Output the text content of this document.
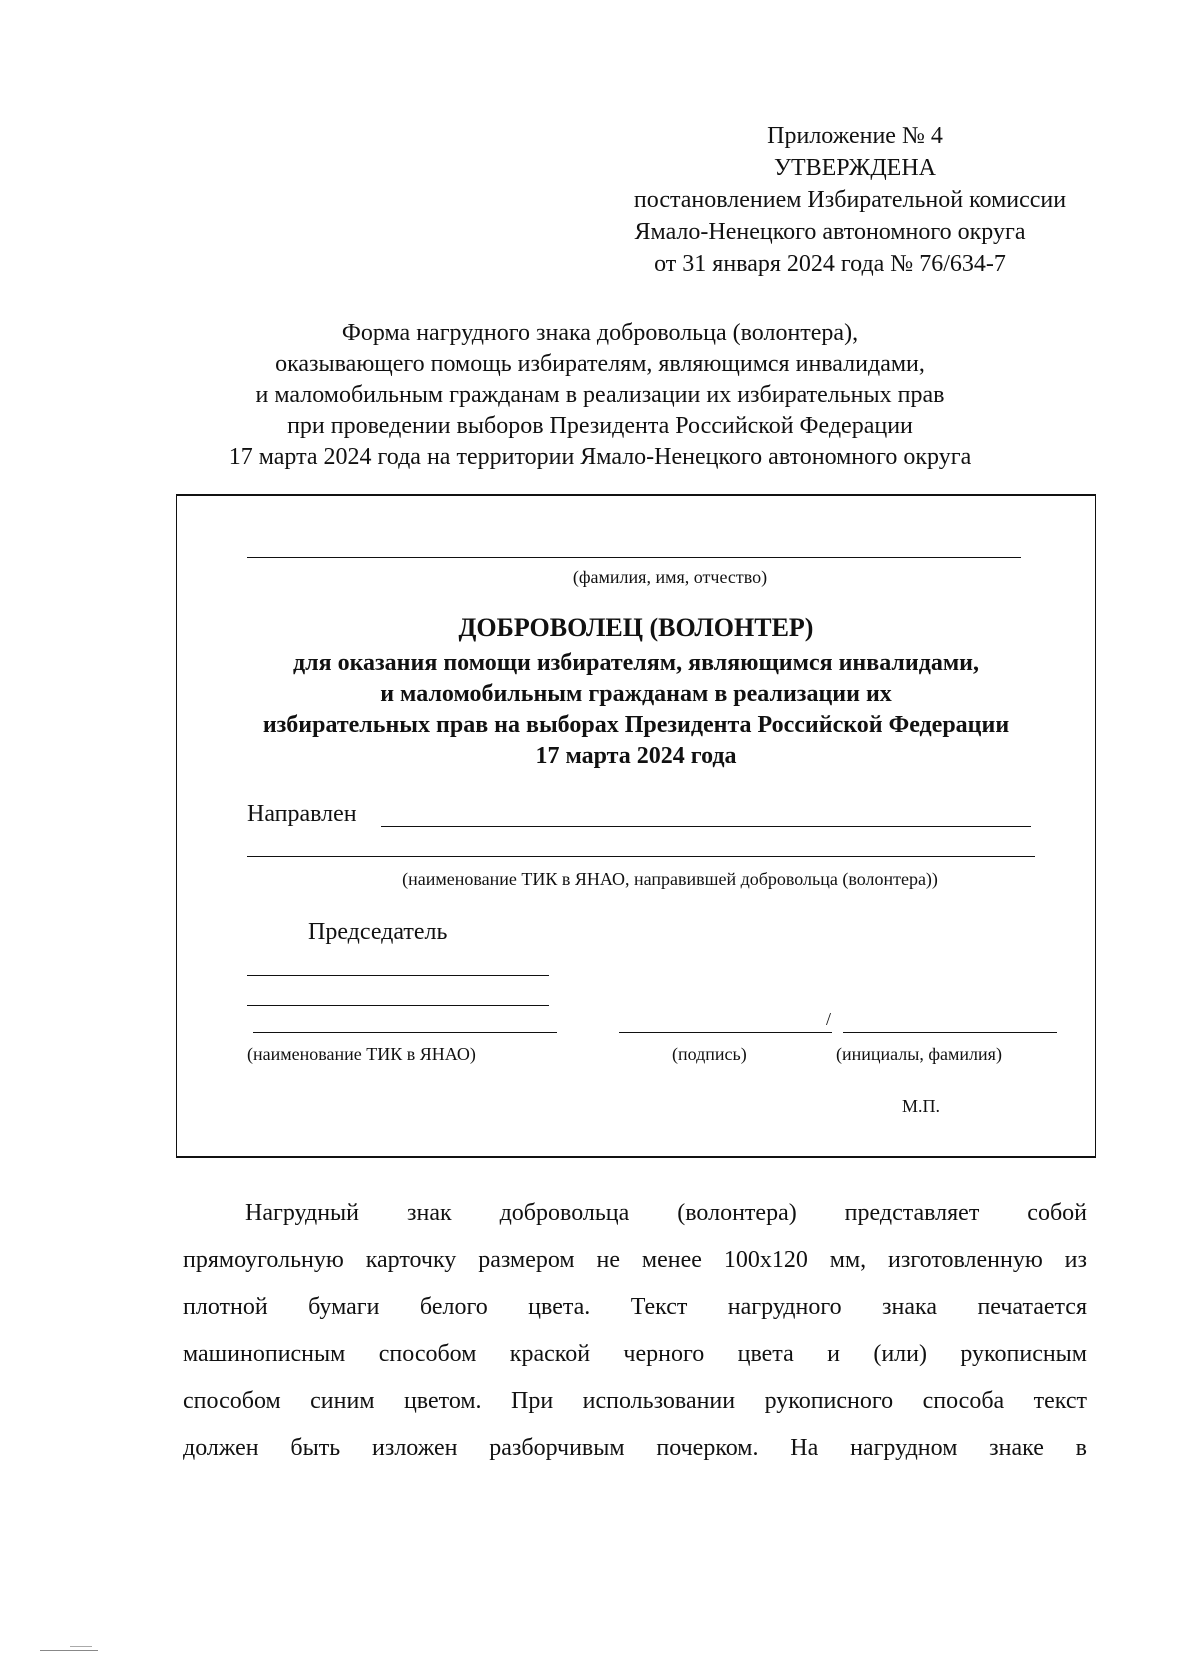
Приложение № 4
УТВЕРЖДЕНА
постановлением Избирательной комиссии
Ямало-Ненецкого автономного округа
от 31 января 2024 года № 76/634-7
Форма нагрудного знака добровольца (волонтера),
оказывающего помощь избирателям, являющимся инвалидами,
и маломобильным гражданам в реализации их избирательных прав
при проведении выборов Президента Российской Федерации
17 марта 2024 года на территории Ямало-Ненецкого автономного округа
(фамилия, имя, отчество)
ДОБРОВОЛЕЦ (ВОЛОНТЕР)
для оказания помощи избирателям, являющимся инвалидами,
и маломобильным гражданам в реализации их
избирательных прав на выборах Президента Российской Федерации
17 марта 2024 года
Направлен
(наименование ТИК в ЯНАО, направившей добровольца (волонтера))
Председатель
/
(наименование ТИК в ЯНАО)	(подпись)	(инициалы, фамилия)
М.П.
Нагрудный знак добровольца (волонтера) представляет собой
прямоугольную карточку размером не менее 100x120 мм, изготовленную из
плотной бумаги белого цвета. Текст нагрудного знака печатается
машинописным способом краской черного цвета и (или) рукописным
способом синим цветом. При использовании рукописного способа текст
должен быть изложен разборчивым почерком. На нагрудном знаке в
